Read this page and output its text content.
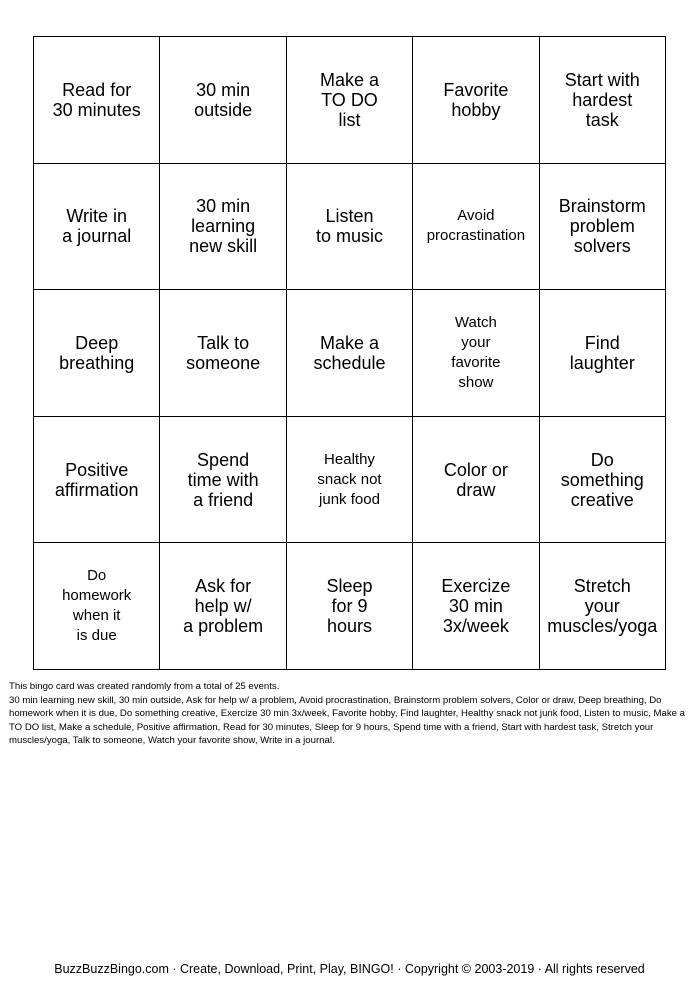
Read for
30 minutes
30 min
outside
Make a
TO DO
list
Favorite
hobby
Start with
hardest
task
Write in
a journal
30 min
learning
new skill
Listen
to music
Avoid
procrastination
Brainstorm
problem
solvers
Deep
breathing
Talk to
someone
Make a
schedule
Watch
your
favorite
show
Find
laughter
Positive
affirmation
Spend
time with
a friend
Healthy
snack not
junk food
Color or
draw
Do
something
creative
Do
homework
when it
is due
Ask for
help w/
a problem
Sleep
for 9
hours
Exercize
30 min
3x/week
Stretch
your
muscles/yoga

This bingo card was created randomly from a total of 25 events.

30 min learning new skill, 30 min outside, Ask for help w/ a problem, Avoid procrastination, Brainstorm problem solvers, Color or draw, Deep breathing, Do homework when it is due, Do something creative, Exercize 30 min 3x/week, Favorite hobby, Find laughter, Healthy snack not junk food, Listen to music, Make a TO DO list, Make a schedule, Positive affirmation, Read for 30 minutes, Sleep for 9 hours, Spend time with a friend, Start with hardest task, Stretch your muscles/yoga, Talk to someone, Watch your favorite show, Write in a journal.

BuzzBuzzBingo.com · Create, Download, Print, Play, BINGO! · Copyright © 2003-2019 · All rights reserved
